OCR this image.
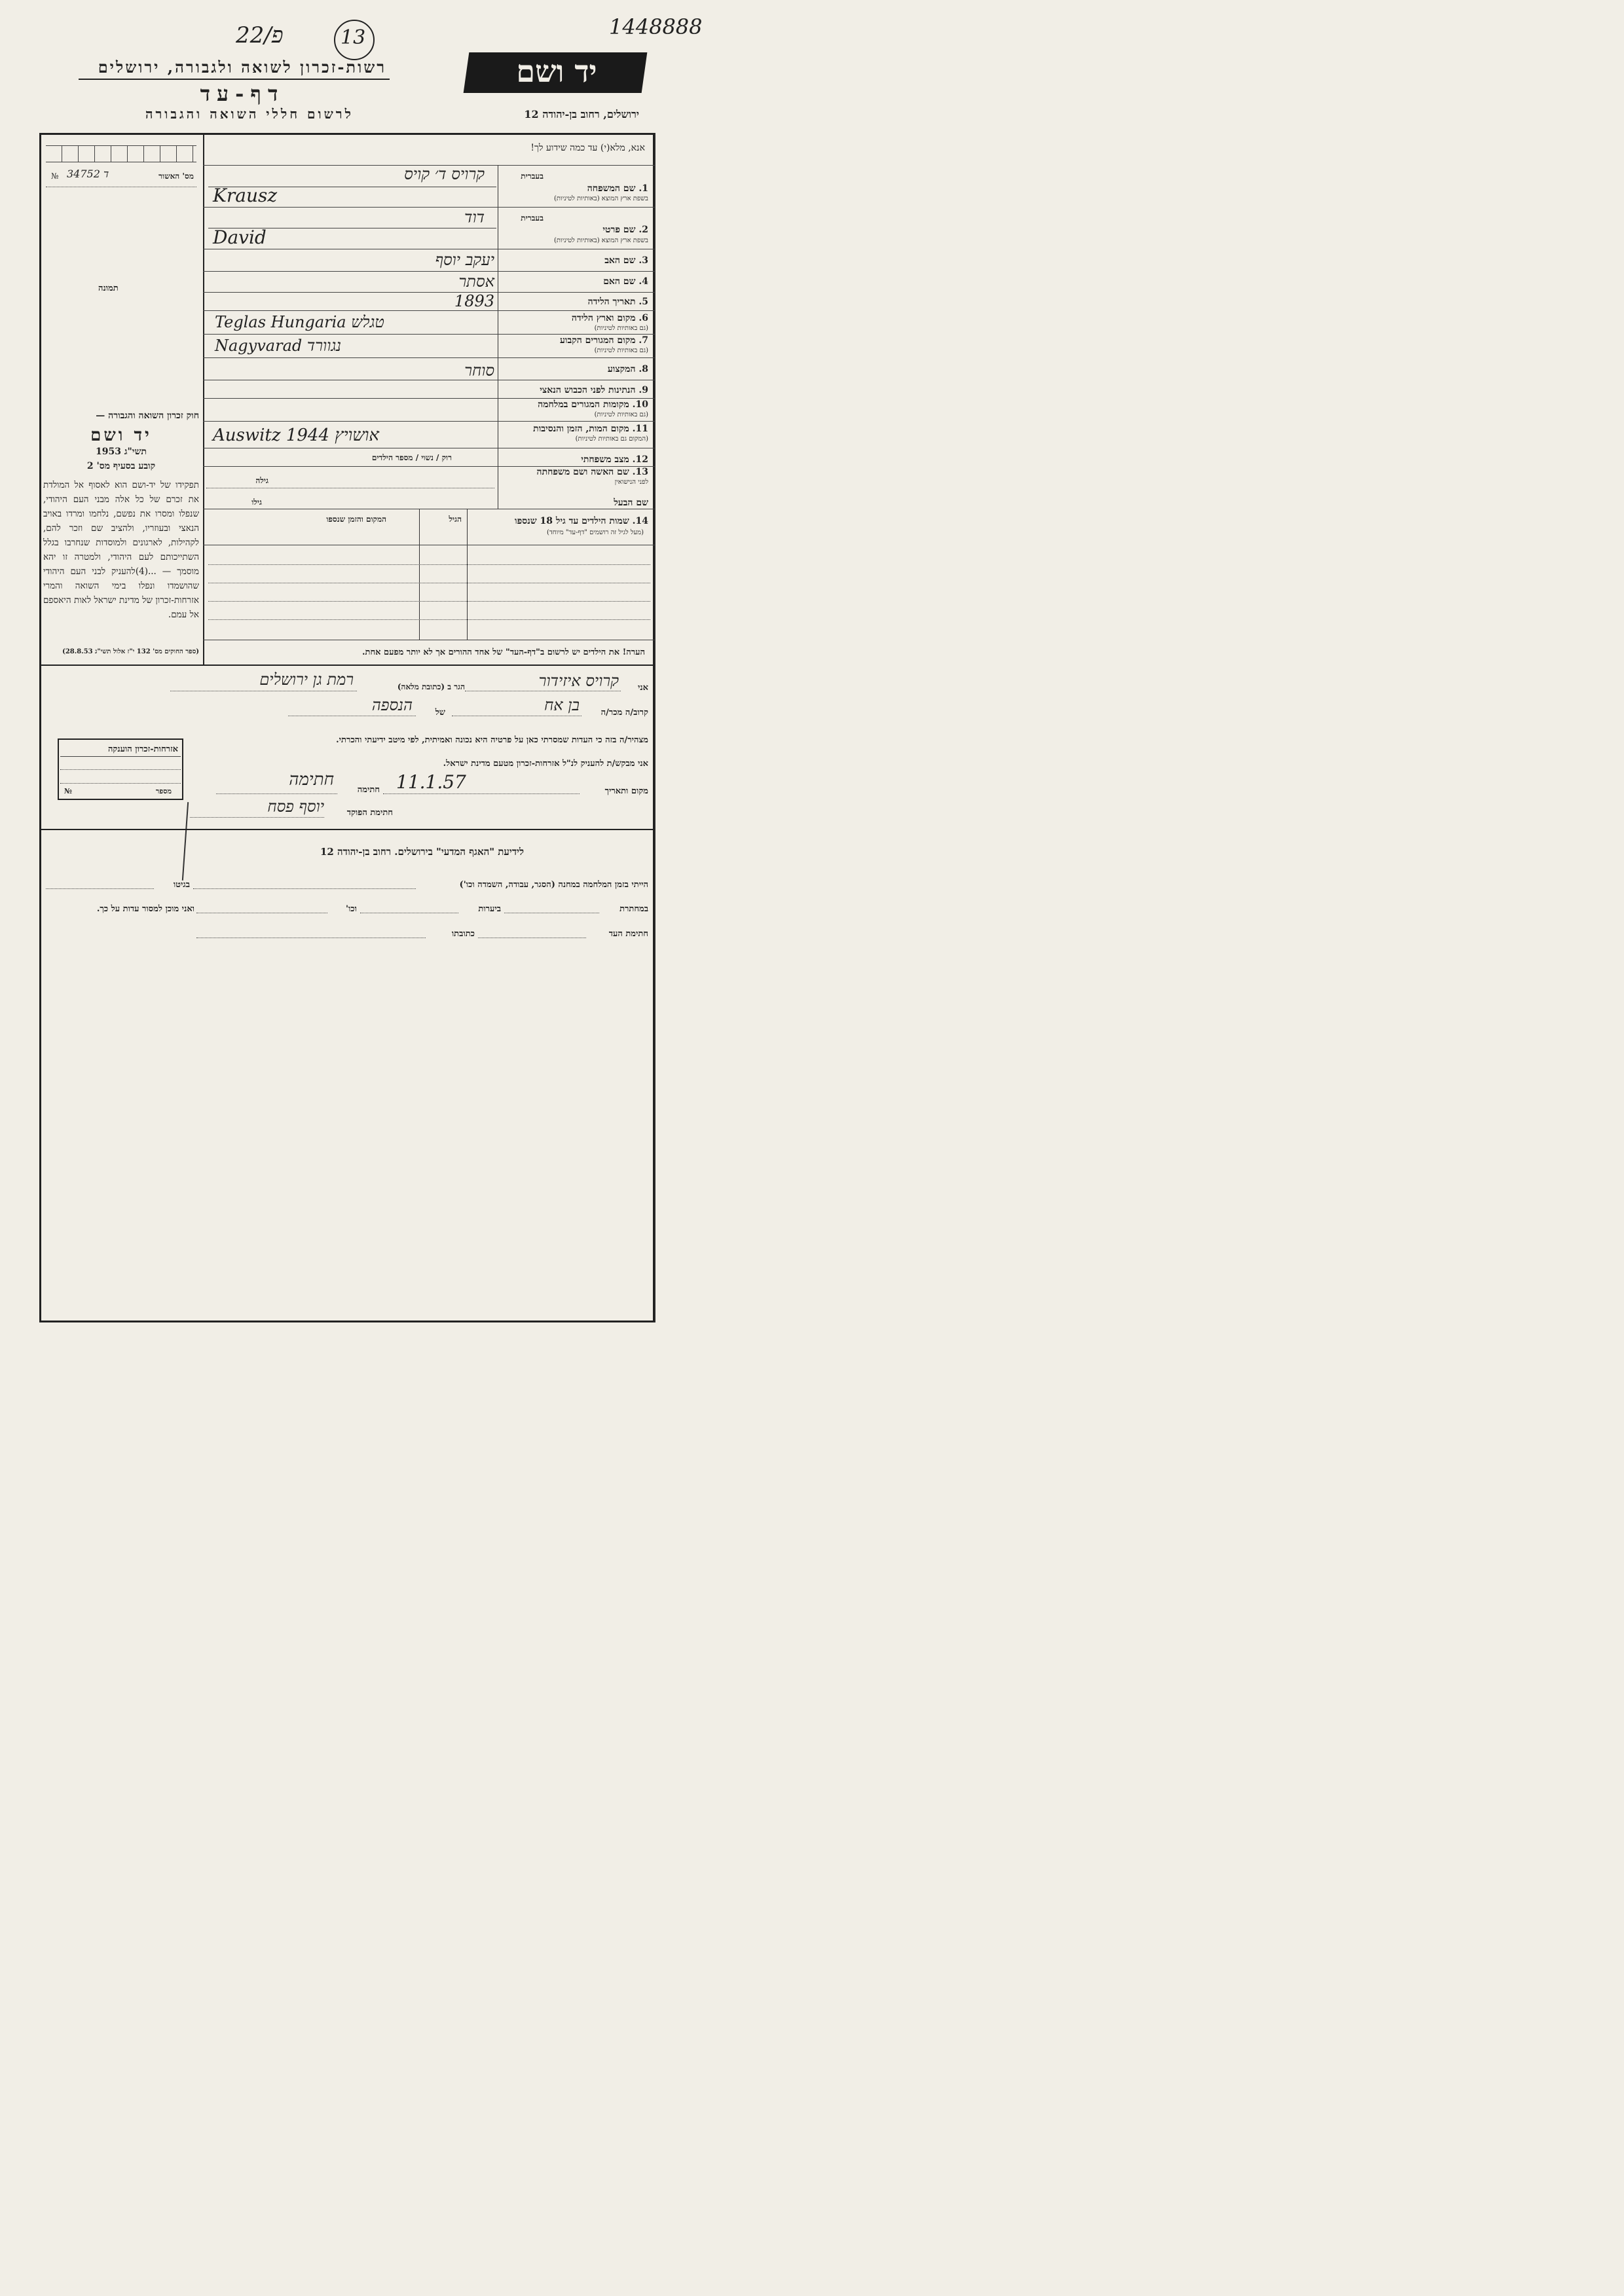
22/פ	13	1448888
יד ושם
רשות-זכרון לשואה ולגבורה, ירושלים
דף-עד
לרשום חללי השואה והגבורה	ירושלים, רחוב בן-יהודה 12
אנא, מלא(י) עד כמה שידוע לך!
№ 34752 ד	מס' האשור
תמונה
בעברית
1. שם המשפחה
בשפת ארץ המוצא (באותיות לטיניות)
קרויס ד׳ קויס
Krausz
בעברית
2. שם פרטי
בשפת ארץ המוצא (באותיות לטיניות)
דוד
David
3. שם האב
יעקב יוסף
4. שם האם
אסתר
5. תאריך הלידה
1893
6. מקום וארץ הלידה
(גם באותיות לטיניות)
Teglas Hungaria טגלש
7. מקום המגורים הקבוע
(גם באותיות לטיניות)
Nagyvarad נגוורד
8. המקצוע
סוחר
9. הנתינות לפני הכבוש הנאצי
10. מקומות המגורים במלחמה
(גם באותיות לטיניות)
11. מקום המות, הזמן והנסיבות
(המקום גם באותיות לטיניות)
Auswitz 1944 אושויץ
12. מצב משפחתי
רוק / נשוי / מספר הילדים
13. שם האשה ושם משפחתה
לפני הנישואין
גילה
שם הבעל
גילו
14. שמות הילדים עד גיל 18 שנספו
(מעל לגיל זה רושמים "דף-עד" מיוחד)
הגיל
המקום והזמן שנספו
הערה! את הילדים יש לרשום ב"דף-העד" של אחד ההורים אך לא יותר מפעם אחת.
חוק זכרון השואה והגבורה —
יד ושם
תשי"ג 1953
קובע בסעיף מס' 2
תפקידו של יד-ושם הוא לאסוף אל המולדת את זכרם של כל אלה מבני העם היהודי, שנפלו ומסרו את נפשם, נלחמו ומרדו באויב הנאצי ובעוזריו, ולהציב שם וזכר להם, לקהילות, לארגונים ולמוסדות שנחרבו בגלל השתייכותם לעם היהודי, ולמטרה זו יהא מוסמך — ...(4)להעניק לבני העם היהודי שהושמדו ונפלו בימי השואה והמרי אזרחות-זכרון של מדינת ישראל לאות היאספם אל עמם.
(ספר החוקים מס' 132 י"ז אלול תשי"ג 28.8.53)
אני
קרויס איזידור
הגר ב (כתובת מלאה)
רמת גן ירושלים
קרוב/ה מכר/ה
בן אח
של
הנספה
מצהיר/ה בזה כי העדות שמסרתי כאן על פרטיה היא נכונה ואמיתית, לפי מיטב ידיעתי והכרתי.
אני מבקש/ת להעניק לנ"ל אזרחות-זכרון מטעם מדינת ישראל.
מקום ותאריך
11.1.57
חתימה
חתימה
חתימת הפוקד
יוסף פסח
אזרחות-זכרון הוענקה
№	מספר
לידיעת "האגף המדעי" בירושלים. רחוב בן-יהודה 12
הייתי בזמן המלחמה במחנה (הסגר, עבודה, השמדה וכו')
בגיטו
במחתרת
ביערות
וכו'
ואני מוכן למסור עדות על כך.
חתימת העד
כתובתו
